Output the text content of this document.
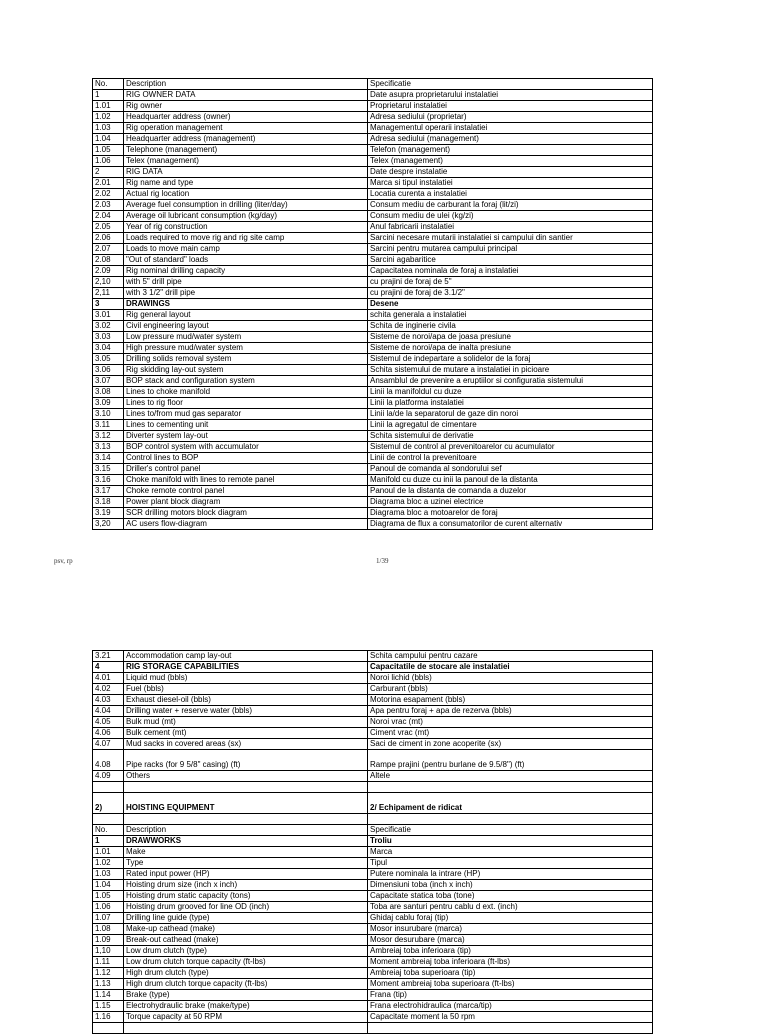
No.	Description	Specificatie
1	RIG OWNER DATA	Date asupra proprietarului instalatiei
1.01	Rig owner	Proprietarul instalatiei
1.02	Headquarter address (owner)	Adresa sediului (proprietar)
1.03	Rig operation management	Managementul operarii instalatiei
1.04	Headquarter address (management)	Adresa sediului (management)
1.05	Telephone (management)	Telefon (management)
1.06	Telex (management)	Telex (management)
2	RIG DATA	Date despre instalatie
2.01	Rig name and type	Marca si tipul instalatiei
2.02	Actual rig location	Locatia curenta a instalatiei
2.03	Average fuel consumption in drilling (liter/day)	Consum mediu de carburant la foraj (lit/zi)
2.04	Average oil lubricant consumption (kg/day)	Consum mediu de ulei (kg/zi)
2.05	Year of rig construction	Anul fabricarii instalatiei
2.06	Loads required to move rig and rig site camp	Sarcini necesare mutarii instalatiei si campului din santier
2.07	Loads to move main camp	Sarcini pentru mutarea campului principal
2.08	"Out of standard" loads	Sarcini agabaritice
2.09	Rig nominal drilling capacity	Capacitatea nominala de foraj a instalatiei
2,10	with 5" drill pipe	cu prajini de foraj de 5"
2,11	with 3 1/2" drill pipe	cu prajini de foraj de 3.1/2"
3	DRAWINGS	Desene
3.01	Rig general layout	schita generala a instalatiei
3.02	Civil engineering layout	Schita de inginerie civila
3.03	Low pressure mud/water system	Sisteme de noroi/apa de joasa presiune
3.04	High pressure mud/water system	Sisteme de noroi/apa de inalta presiune
3.05	Drilling solids removal system	Sistemul de indepartare a solidelor de la foraj
3.06	Rig skidding lay-out system	Schita sistemului de mutare a instalatiei in picioare
3.07	BOP stack and configuration system	Ansamblul de prevenire a eruptiilor si configuratia sistemului
3.08	Lines to choke manifold	Linii la manifoldul cu duze
3.09	Lines to rig floor	Linii la platforma instalatiei
3.10	Lines to/from mud gas separator	Linii la/de la separatorul de gaze din noroi
3.11	Lines to cementing unit	Linii la agregatul de cimentare
3.12	Diverter system lay-out	Schita sistemului de derivatie
3.13	BOP control system with accumulator	Sistemul de control al prevenitoarelor cu acumulator
3.14	Control lines to BOP	Linii de control la prevenitoare
3.15	Driller's control panel	Panoul de comanda al sondorului sef
3.16	Choke manifold with lines to remote panel	Manifold cu duze cu inii la panoul de la distanta
3.17	Choke remote control panel	Panoul de la distanta de comanda a duzelor
3.18	Power plant block diagram	Diagrama bloc a uzinei electrice
3.19	SCR drilling motors block diagram	Diagrama bloc a motoarelor de foraj
3,20	AC users flow-diagram	Diagrama de flux a consumatorilor de curent alternativ
psv, rp	1/39
3.21	Accommodation camp lay-out	Schita campului pentru cazare
4	RIG STORAGE CAPABILITIES	Capacitatile de stocare ale instalatiei
4.01	Liquid mud (bbls)	Noroi lichid (bbls)
4.02	Fuel (bbls)	Carburant (bbls)
4.03	Exhaust diesel-oil (bbls)	Motorina esapament (bbls)
4.04	Drilling water + reserve water (bbls)	Apa pentru foraj + apa de rezerva (bbls)
4.05	Bulk mud (mt)	Noroi vrac (mt)
4.06	Bulk cement (mt)	Ciment vrac (mt)
4.07	Mud sacks in covered areas (sx)	Saci de ciment in zone acoperite (sx)
4.08	Pipe racks (for 9 5/8" casing) (ft)	Rampe prajini (pentru burlane de 9.5/8") (ft)
4.09	Others	Altele

2)	HOISTING EQUIPMENT	2/ Echipament de ridicat

No.	Description	Specificatie
1	DRAWWORKS	Troliu
1.01	Make	Marca
1.02	Type	Tipul
1.03	Rated input power (HP)	Putere nominala la intrare (HP)
1.04	Hoisting drum size (inch x inch)	Dimensiuni toba (inch x inch)
1.05	Hoisting drum static capacity (tons)	Capacitate statica toba (tone)
1.06	Hoisting drum grooved for line OD (inch)	Toba are santuri pentru cablu d ext. (inch)
1.07	Drilling line guide (type)	Ghidaj cablu foraj (tip)
1.08	Make-up cathead (make)	Mosor insurubare (marca)
1.09	Break-out cathead (make)	Mosor desurubare (marca)
1,10	Low drum clutch (type)	Ambreiaj toba inferioara (tip)
1.11	Low drum clutch torque capacity (ft-lbs)	Moment ambreiaj toba inferioara (ft-lbs)
1.12	High drum clutch (type)	Ambreiaj toba superioara (tip)
1.13	High drum clutch torque capacity (ft-lbs)	Moment ambreiaj toba superioara (ft-lbs)
1.14	Brake (type)	Frana (tip)
1.15	Electrohydraulic brake (make/type)	Frana electrohidraulica (marca/tip)
1.16	Torque capacity at 50 RPM	Capacitate moment la 50 rpm
